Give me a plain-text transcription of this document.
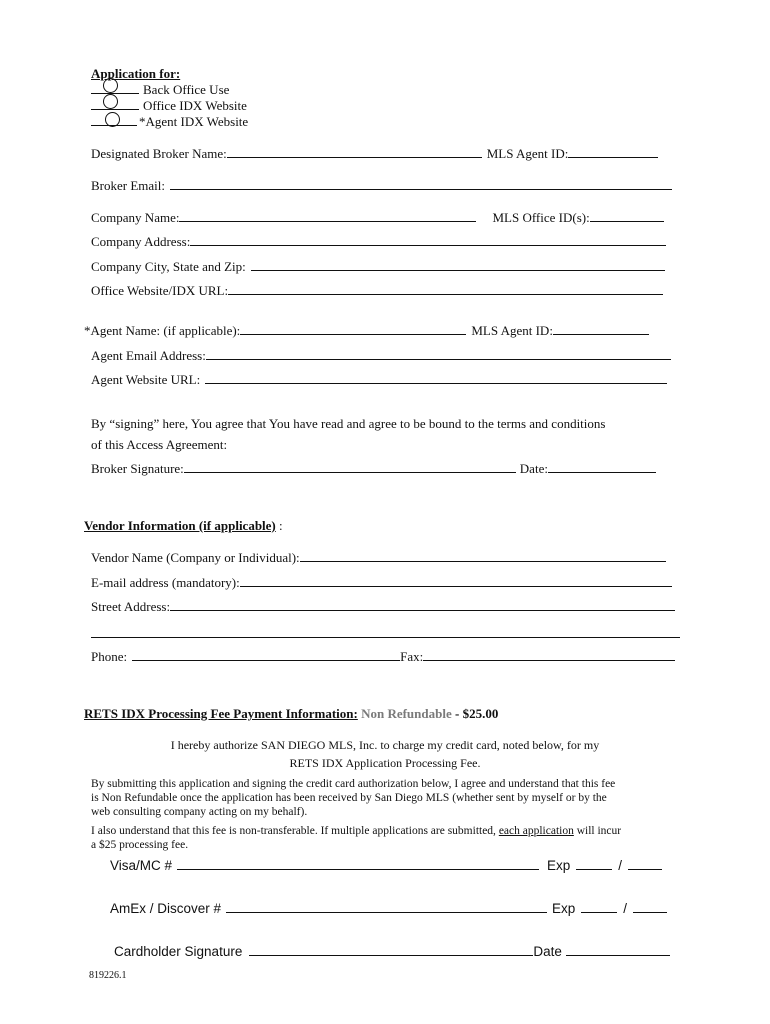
Application for:
Back Office Use
Office IDX Website
*Agent IDX Website
Designated Broker Name:	MLS Agent ID:
Broker Email:
Company Name:	MLS Office ID(s):
Company Address:
Company City, State and Zip:
Office Website/IDX URL:
*Agent Name: (if applicable):	MLS Agent ID:
Agent Email Address:
Agent Website URL:
By “signing” here, You agree that You have read and agree to be bound to the terms and conditions
of this Access Agreement:
Broker Signature:	Date:
Vendor Information (if applicable) :
Vendor Name (Company or Individual):
E-mail address (mandatory):
Street Address:
Phone:	Fax:
RETS IDX Processing Fee Payment Information: Non Refundable - $25.00
I hereby authorize SAN DIEGO MLS, Inc. to charge my credit card, noted below, for my
RETS IDX Application Processing Fee.
By submitting this application and signing the credit card authorization below, I agree and understand that this fee
is Non Refundable once the application has been received by San Diego MLS (whether sent by myself or by the
web consulting company acting on my behalf).
I also understand that this fee is non-transferable. If multiple applications are submitted, each application will incur
a $25 processing fee.
Visa/MC #	Exp	/
AmEx / Discover #	Exp	/
Cardholder Signature	Date
819226.1
